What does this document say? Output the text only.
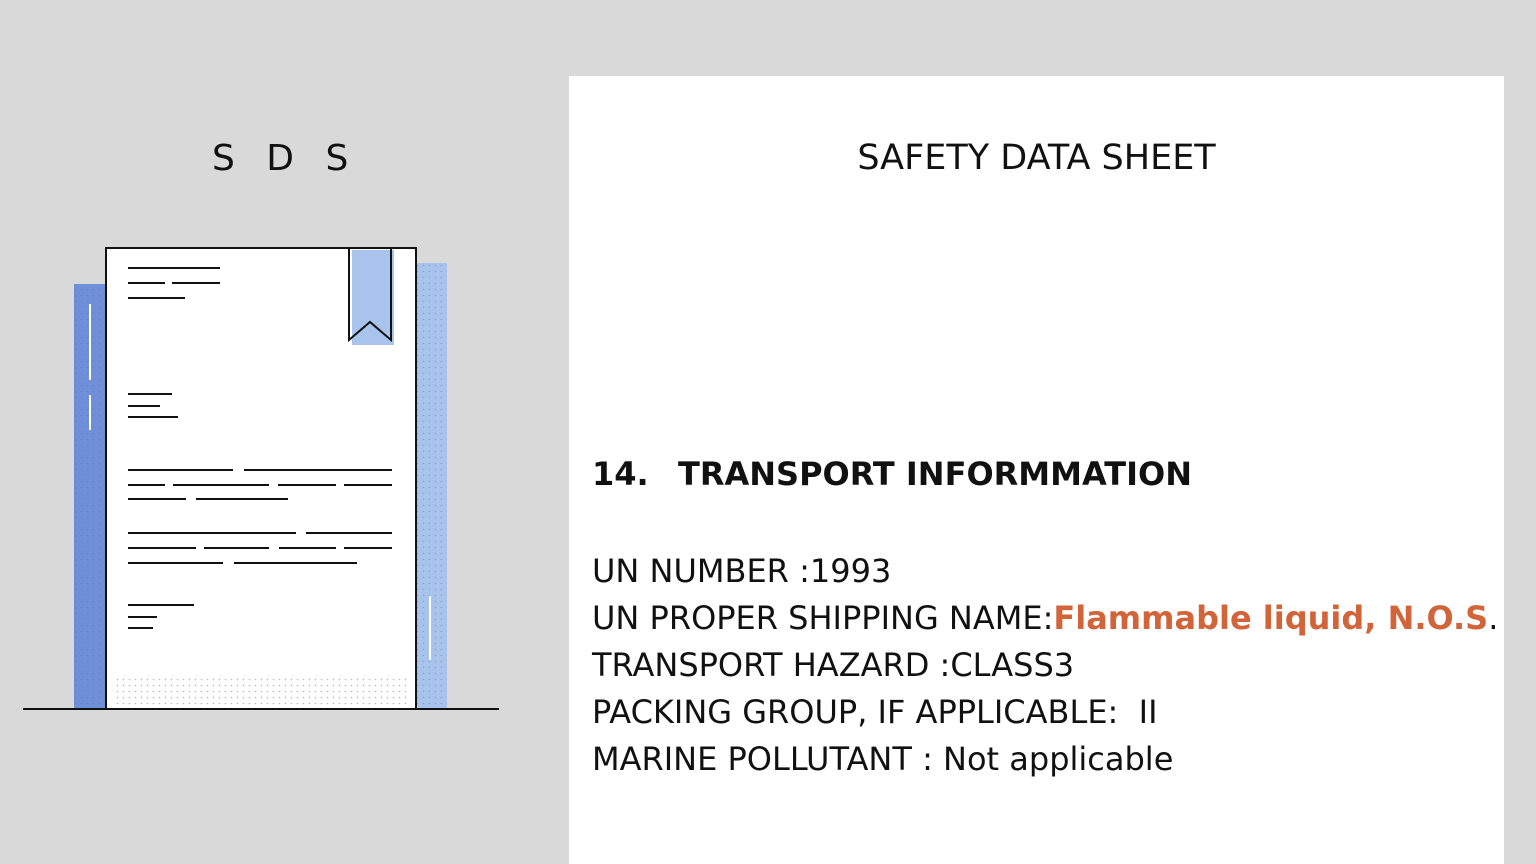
S D S	SAFETY DATA SHEET
14. TRANSPORT INFORMMATION
UN NUMBER :1993
UN PROPER SHIPPING NAME:Flammable liquid, N.O.S.
TRANSPORT HAZARD :CLASS3
PACKING GROUP, IF APPLICABLE:  II
MARINE POLLUTANT : Not applicable
